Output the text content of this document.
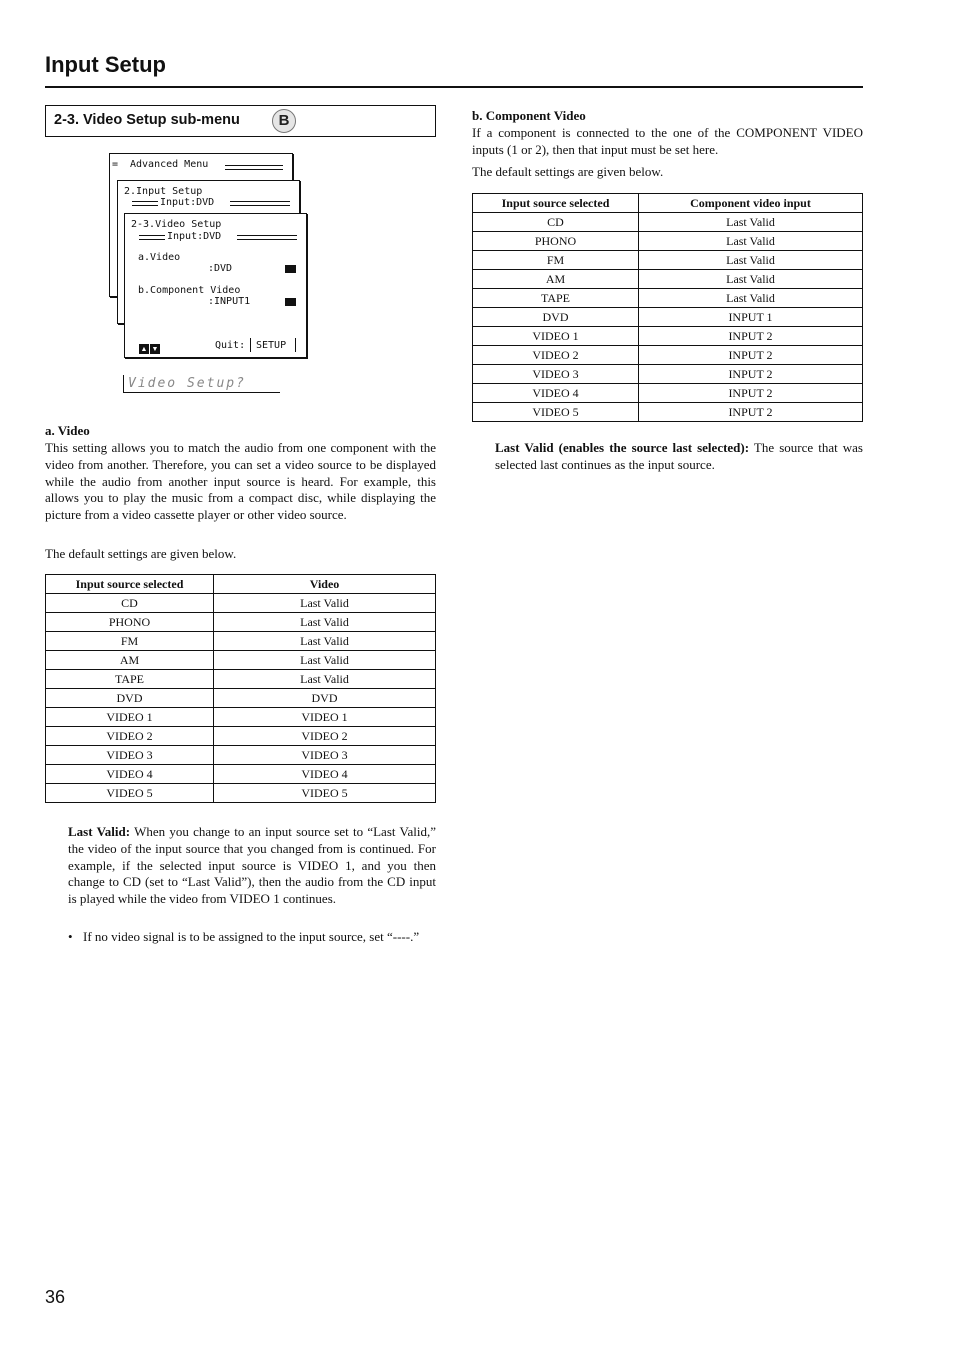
Input Setup
2-3. Video Setup sub-menu	B
= Advanced Menu
2.Input Setup
Input:DVD
2-3.Video Setup
Input:DVD
a.Video
:DVD
b.Component Video
:INPUT1
▲ ▼	Quit: SETUP
Video Setup?
a. Video
This setting allows you to match the audio from one component with the video from another. Therefore, you can set a video source to be displayed while the audio from another input source is heard. For example, this allows you to play the music from a compact disc, while displaying the picture from a video cassette player or other video source.
The default settings are given below.
Input source selected	Video
CD	Last Valid
PHONO	Last Valid
FM	Last Valid
AM	Last Valid
TAPE	Last Valid
DVD	DVD
VIDEO 1	VIDEO 1
VIDEO 2	VIDEO 2
VIDEO 3	VIDEO 3
VIDEO 4	VIDEO 4
VIDEO 5	VIDEO 5
Last Valid: When you change to an input source set to “Last Valid,” the video of the input source that you changed from is continued. For example, if the selected input source is VIDEO 1, and you then change to CD (set to “Last Valid”), then the audio from the CD input is played while the video from VIDEO 1 continues.
• If no video signal is to be assigned to the input source, set “----.”
b. Component Video
If a component is connected to the one of the COMPONENT VIDEO inputs (1 or 2), then that input must be set here.
The default settings are given below.
Input source selected	Component video input
CD	Last Valid
PHONO	Last Valid
FM	Last Valid
AM	Last Valid
TAPE	Last Valid
DVD	INPUT 1
VIDEO 1	INPUT 2
VIDEO 2	INPUT 2
VIDEO 3	INPUT 2
VIDEO 4	INPUT 2
VIDEO 5	INPUT 2
Last Valid (enables the source last selected): The source that was selected last continues as the input source.
36
